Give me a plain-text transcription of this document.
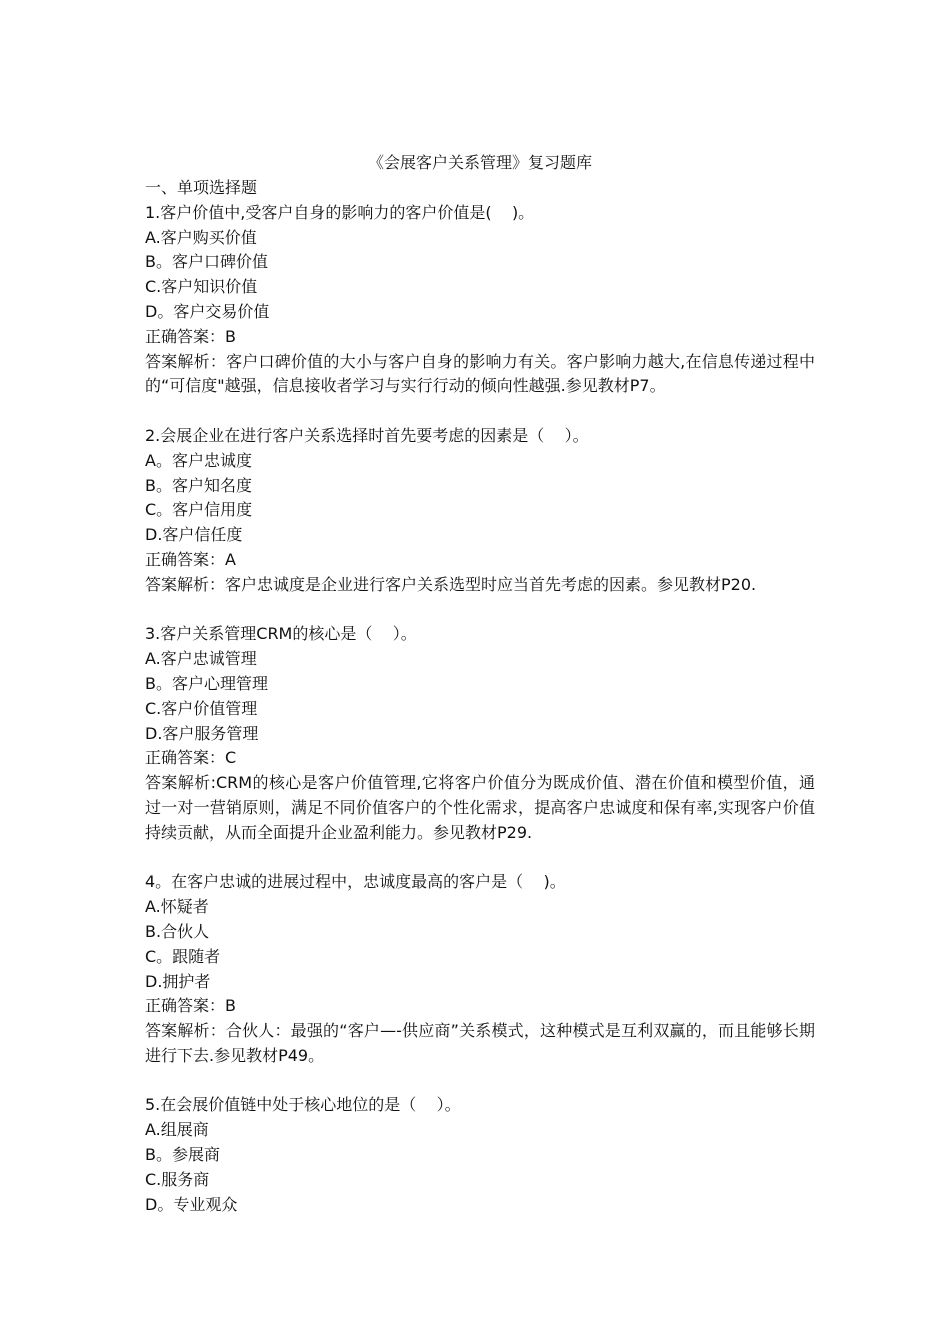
《会展客户关系管理》复习题库

一、单项选择题

1.客户价值中,受客户自身的影响力的客户价值是(    )。

A.客户购买价值

B。客户口碑价值

C.客户知识价值

D。客户交易价值

正确答案：B

答案解析：客户口碑价值的大小与客户自身的影响力有关。客户影响力越大,在信息传递过程中的“可信度"越强，信息接收者学习与实行行动的倾向性越强.参见教材P7。

2.会展企业在进行客户关系选择时首先要考虑的因素是（    ）。

A。客户忠诚度

B。客户知名度

C。客户信用度

D.客户信任度

正确答案：A

答案解析：客户忠诚度是企业进行客户关系选型时应当首先考虑的因素。参见教材P20.

3.客户关系管理CRM的核心是（    ）。

A.客户忠诚管理

B。客户心理管理

C.客户价值管理

D.客户服务管理

正确答案：C

答案解析:CRM的核心是客户价值管理,它将客户价值分为既成价值、潜在价值和模型价值，通过一对一营销原则，满足不同价值客户的个性化需求，提高客户忠诚度和保有率,实现客户价值持续贡献，从而全面提升企业盈利能力。参见教材P29.

4。在客户忠诚的进展过程中，忠诚度最高的客户是（    )。

A.怀疑者

B.合伙人

C。跟随者

D.拥护者

正确答案：B

答案解析：合伙人：最强的“客户—-供应商”关系模式，这种模式是互利双赢的，而且能够长期进行下去.参见教材P49。

5.在会展价值链中处于核心地位的是（    ）。

A.组展商

B。参展商

C.服务商

D。专业观众
